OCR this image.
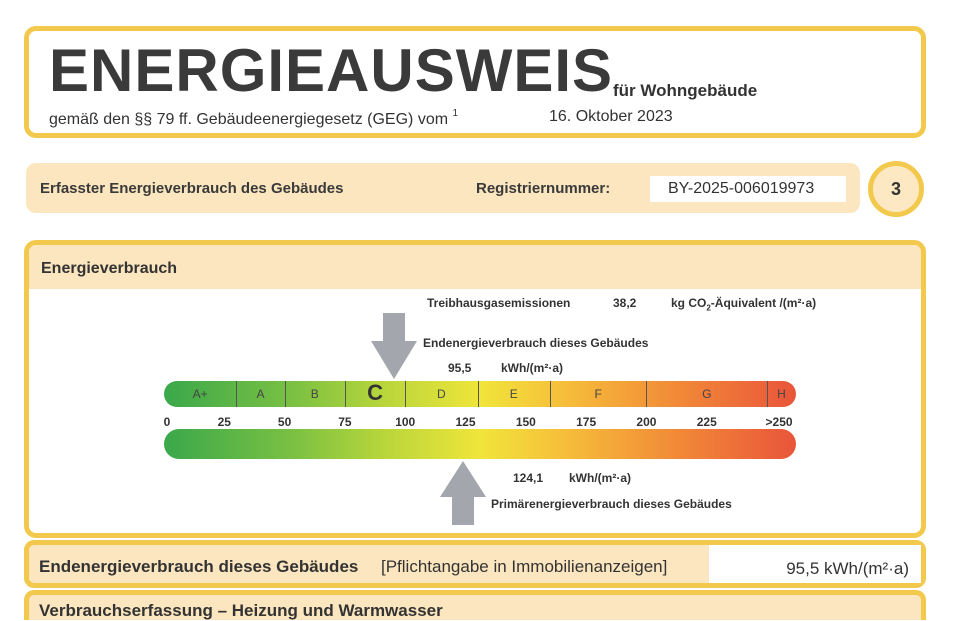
ENERGIEAUSWEIS für Wohngebäude
gemäß den §§ 79 ff. Gebäudeenergiegesetz (GEG) vom $^1$	16. Oktober 2023
Erfasster Energieverbrauch des Gebäudes	Registriernummer:	BY-2025-006019973	3
Energieverbrauch
Treibhausgasemissionen	38,2	kg $CO_2$-Äquivalent /(m²·a)
Endenergieverbrauch dieses Gebäudes
95,5 kWh/(m²·a)
A+	A	B C	D	E	F	G	H
0	25	50	75	100	125	150	175	200	225	>250
124,1 kWh/(m²·a)
Primärenergieverbrauch dieses Gebäudes
Endenergieverbrauch dieses Gebäudes [Pflichtangabe in Immobilienanzeigen]	95,5 kWh/(m²·a)
Verbrauchserfassung – Heizung und Warmwasser
